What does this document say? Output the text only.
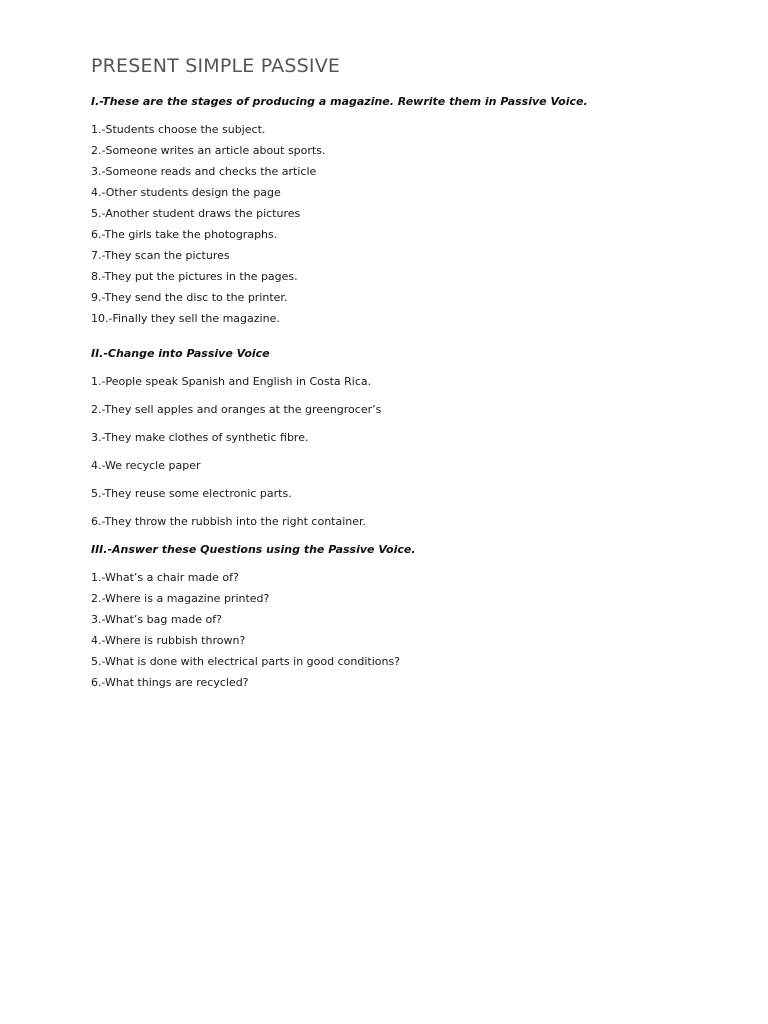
PRESENT SIMPLE PASSIVE

I.-These are the stages of producing a magazine. Rewrite them in Passive Voice.

1.-Students choose the subject.

2.-Someone writes an article about sports.

3.-Someone reads and checks the article

4.-Other students design the page

5.-Another student draws the pictures

6.-The girls take the photographs.

7.-They scan the pictures

8.-They put the pictures in the pages.

9.-They send the disc to the printer.

10.-Finally they sell the magazine.

II.-Change into Passive Voice

1.-People speak Spanish and English in Costa Rica.

2.-They sell apples and oranges at the greengrocer’s

3.-They make clothes of synthetic fibre.

4.-We recycle paper

5.-They reuse some electronic parts.

6.-They throw the rubbish into the right container.

III.-Answer these Questions using the Passive Voice.

1.-What’s a chair made of?

2.-Where is a magazine printed?

3.-What’s bag made of?

4.-Where is rubbish thrown?

5.-What is done with electrical parts in good conditions?

6.-What things are recycled?
